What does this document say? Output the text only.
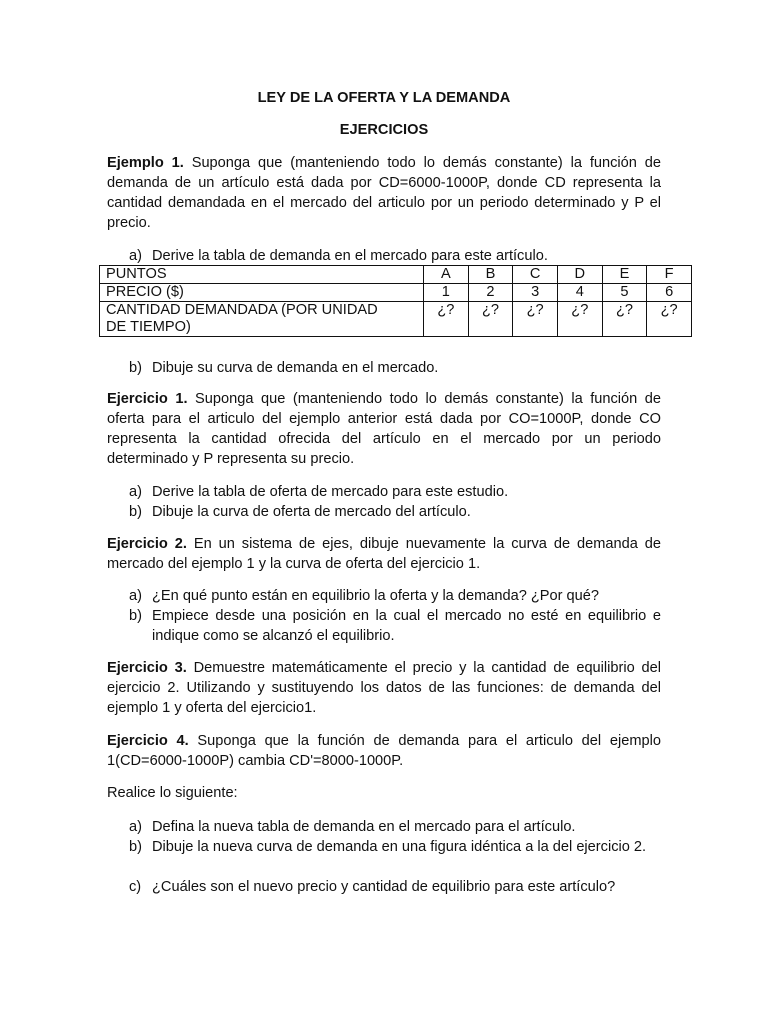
LEY DE LA OFERTA Y LA DEMANDA
EJERCICIOS
Ejemplo 1. Suponga que (manteniendo todo lo demás constante) la función de demanda de un artículo está dada por CD=6000-1000P, donde CD representa la cantidad demandada en el mercado del articulo por un periodo determinado y P el precio.
a) Derive la tabla de demanda en el mercado para este artículo.
PUNTOS	A	B	C	D	E	F
PRECIO ($)	1	2	3	4	5	6

CANTIDAD DEMANDADA (POR UNIDAD
DE TIEMPO)	¿?	¿?	¿?	¿?	¿?	¿?
b) Dibuje su curva de demanda en el mercado.
Ejercicio 1. Suponga que (manteniendo todo lo demás constante) la función de oferta para el articulo del ejemplo anterior está dada por CO=1000P, donde CO representa la cantidad ofrecida del artículo en el mercado por un periodo determinado y P representa su precio.
a) Derive la tabla de oferta de mercado para este estudio.
b) Dibuje la curva de oferta de mercado del artículo.
Ejercicio 2. En un sistema de ejes, dibuje nuevamente la curva de demanda de mercado del ejemplo 1 y la curva de oferta del ejercicio 1.
a) ¿En qué punto están en equilibrio la oferta y la demanda? ¿Por qué?
b) Empiece desde una posición en la cual el mercado no esté en equilibrio e indique como se alcanzó el equilibrio.
Ejercicio 3. Demuestre matemáticamente el precio y la cantidad de equilibrio del ejercicio 2. Utilizando y sustituyendo los datos de las funciones: de demanda del ejemplo 1 y oferta del ejercicio1.
Ejercicio 4. Suponga que la función de demanda para el articulo del ejemplo 1(CD=6000-1000P) cambia CD'=8000-1000P.
Realice lo siguiente:
a) Defina la nueva tabla de demanda en el mercado para el artículo.
b) Dibuje la nueva curva de demanda en una figura idéntica a la del ejercicio 2.
c) ¿Cuáles son el nuevo precio y cantidad de equilibrio para este artículo?
